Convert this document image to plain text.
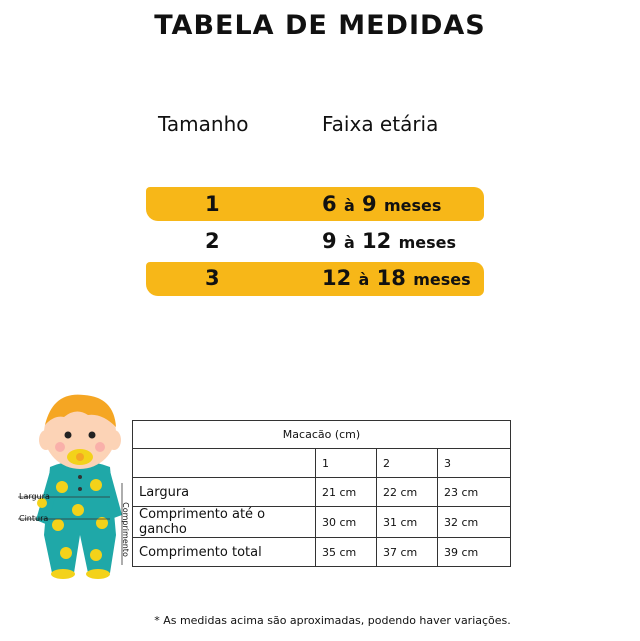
TABELA DE MEDIDAS
Tamanho	Faixa etária
1	6 à 9 meses
2	9 à 12 meses
3	12 à 18 meses
Largura
Cintura	Comprimento
Macacão (cm)			
	1	2	3
Largura	21 cm	22 cm	23 cm
Comprimento até o gancho	30 cm	31 cm	32 cm
Comprimento total	35 cm	37 cm	39 cm
* As medidas acima são aproximadas, podendo haver variações.
